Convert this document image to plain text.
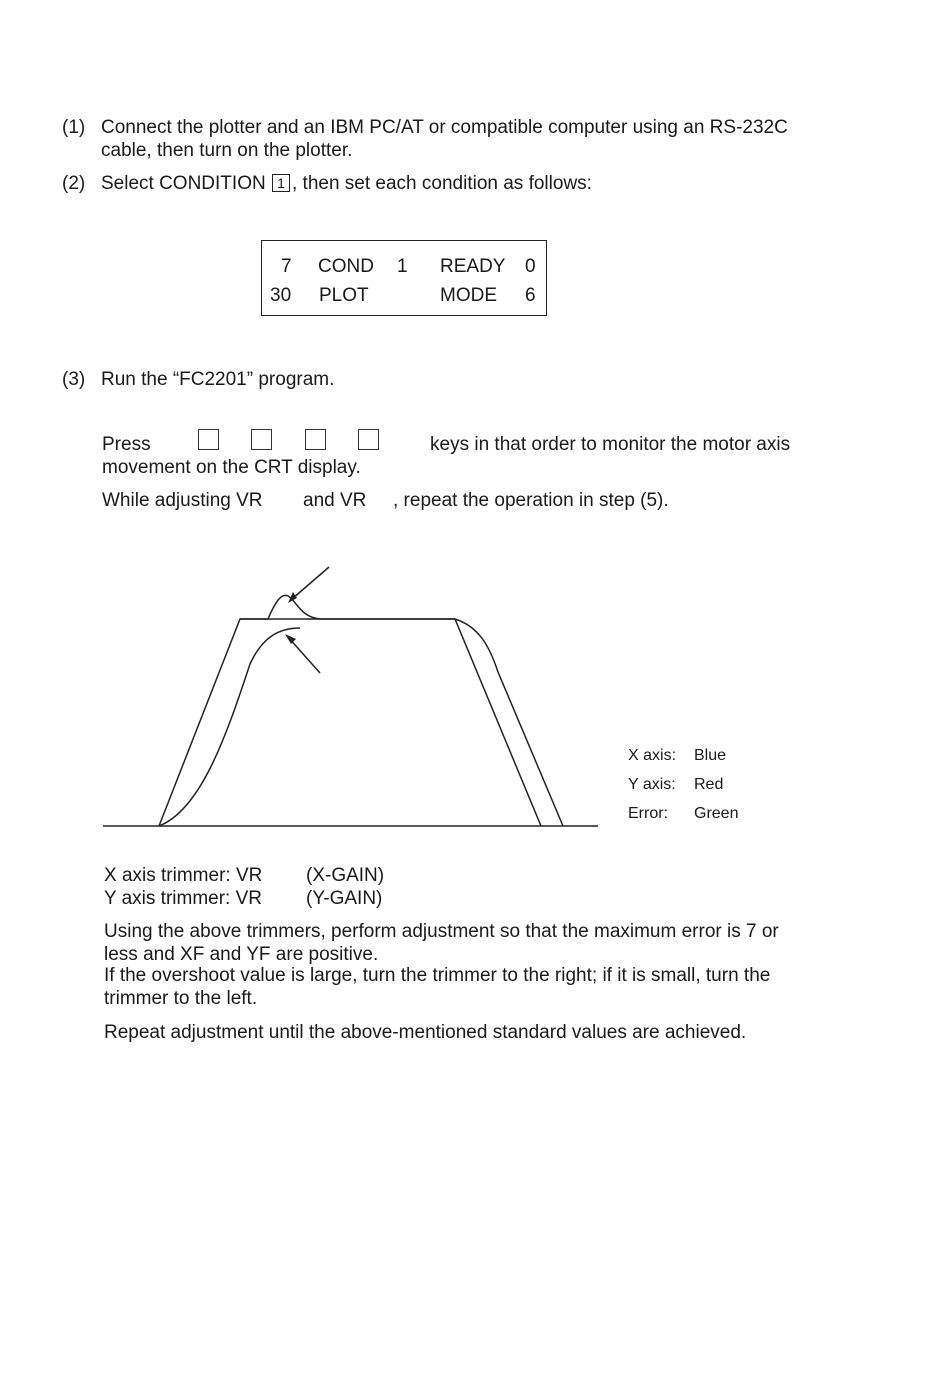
(1) Connect the plotter and an IBM PC/AT or compatible computer using an RS-232C
cable, then turn on the plotter.
(2) Select CONDITION 1 , then set each condition as follows:
7 COND 1 READY 0
30 PLOT	MODE 6
(3) Run the “FC2201” program.
Press	keys in that order to monitor the motor axis
movement on the CRT display.
While adjusting VR and VR , repeat the operation in step (5).
X axis: Blue
Y axis: Red
Error: Green
X axis trimmer: VR (X-GAIN)
Y axis trimmer: VR (Y-GAIN)
Using the above trimmers, perform adjustment so that the maximum error is 7 or
less and XF and YF are positive.
If the overshoot value is large, turn the trimmer to the right; if it is small, turn the
trimmer to the left.
Repeat adjustment until the above-mentioned standard values are achieved.
